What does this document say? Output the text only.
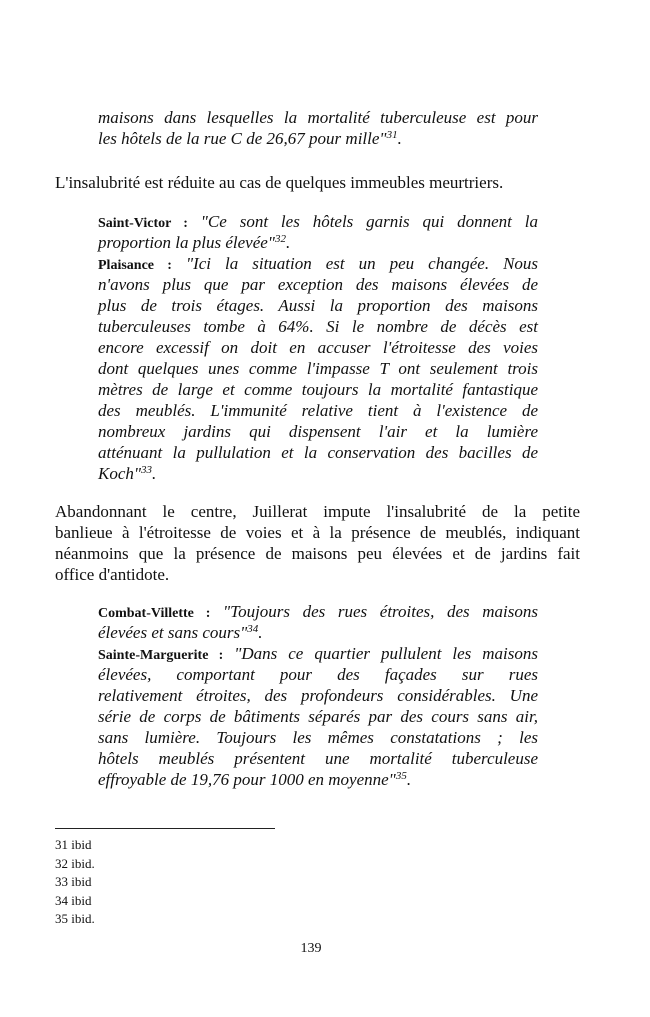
maisons dans lesquelles la mortalité tuberculeuse est pour
les hôtels de la rue C de 26,67 pour mille"$^{31}$.
L'insalubrité est réduite au cas de quelques immeubles meurtriers.
Saint-Victor : "Ce sont les hôtels garnis qui donnent la
proportion la plus élevée"$^{32}$.
Plaisance : "Ici la situation est un peu changée. Nous
n'avons plus que par exception des maisons élevées de
plus de trois étages. Aussi la proportion des maisons
tuberculeuses tombe à 64%. Si le nombre de décès est
encore excessif on doit en accuser l'étroitesse des voies
dont quelques unes comme l'impasse T ont seulement trois
mètres de large et comme toujours la mortalité fantastique
des meublés. L'immunité relative tient à l'existence de
nombreux jardins qui dispensent l'air et la lumière
atténuant la pullulation et la conservation des bacilles de
Koch"$^{33}$.
Abandonnant le centre, Juillerat impute l'insalubrité de la petite
banlieue à l'étroitesse de voies et à la présence de meublés, indiquant
néanmoins que la présence de maisons peu élevées et de jardins fait
office d'antidote.
Combat-Villette : "Toujours des rues étroites, des maisons
élevées et sans cours"$^{34}$.
Sainte-Marguerite : "Dans ce quartier pullulent les maisons
élevées, comportant pour des façades sur rues
relativement étroites, des profondeurs considérables. Une
série de corps de bâtiments séparés par des cours sans air,
sans lumière. Toujours les mêmes constatations ; les
hôtels meublés présentent une mortalité tuberculeuse
effroyable de 19,76 pour 1000 en moyenne"$^{35}$.
31 ibid
32 ibid.
33 ibid
34 ibid
35 ibid.
139
